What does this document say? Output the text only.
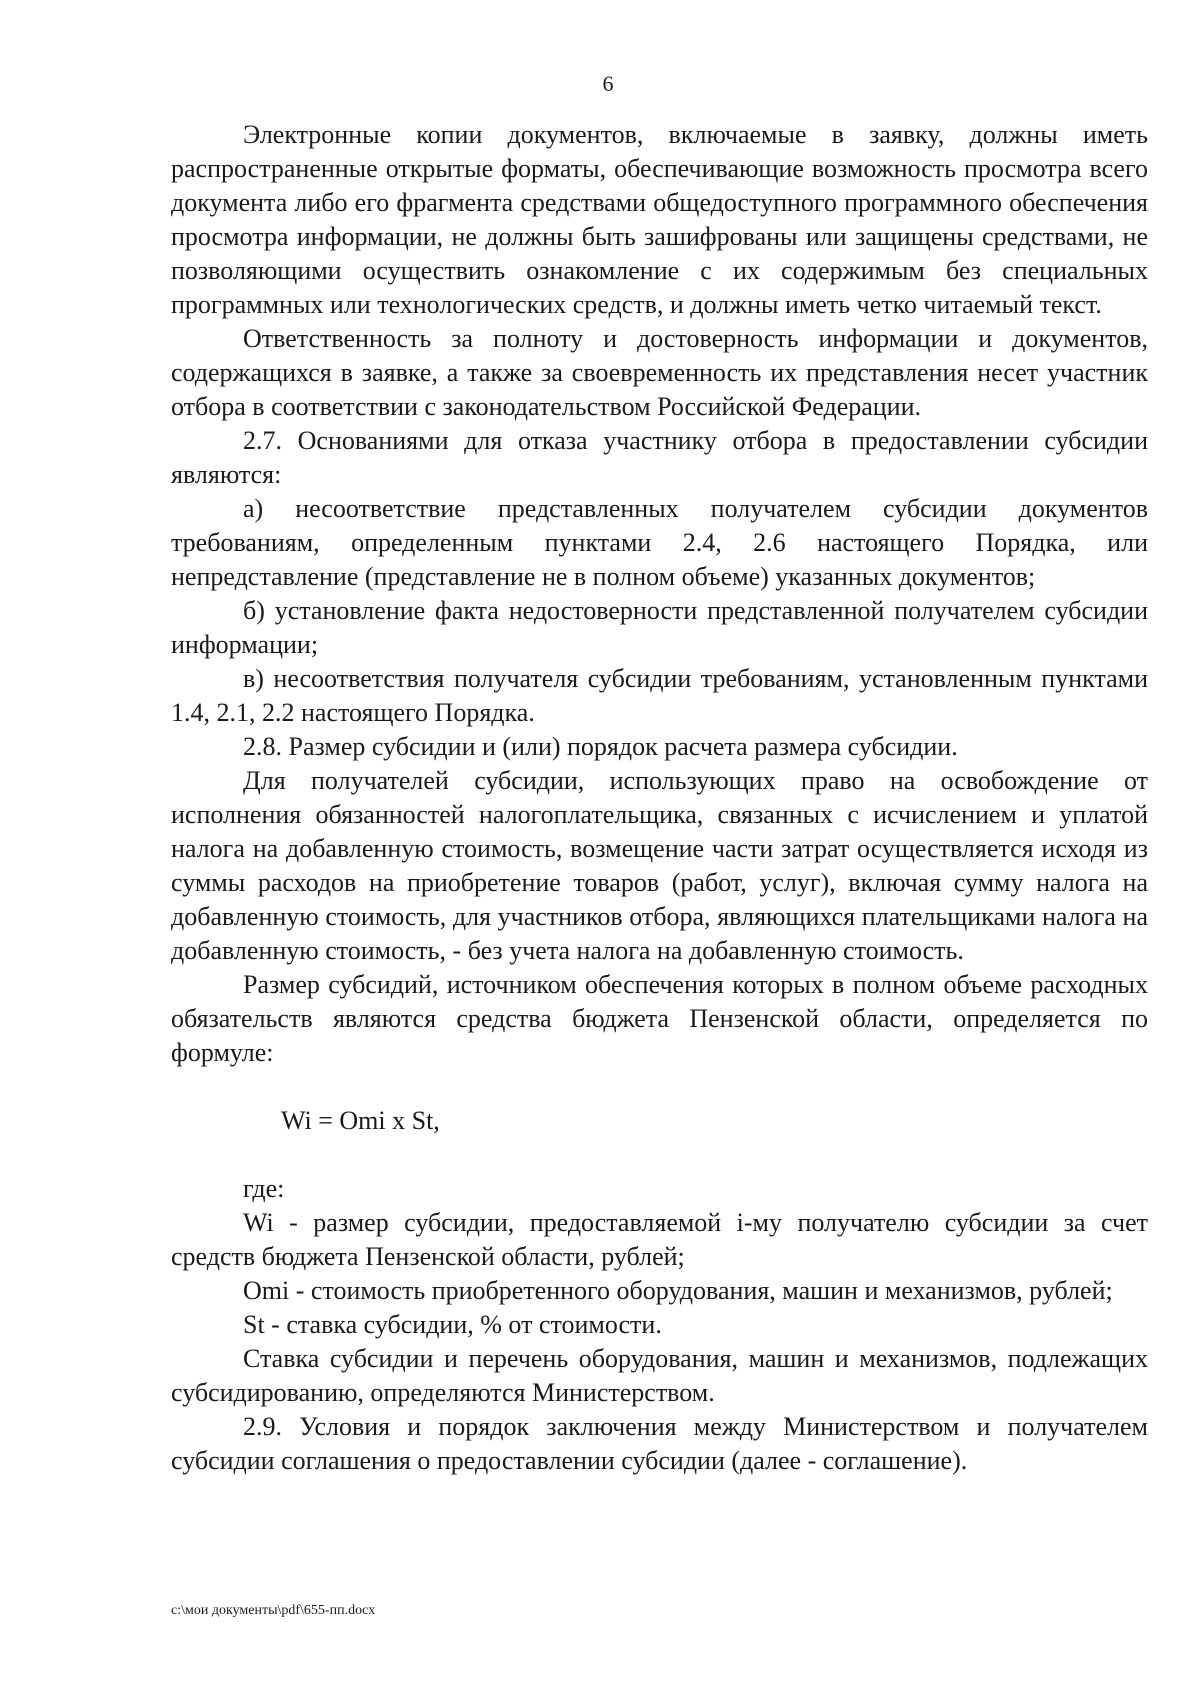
6

Электронные копии документов, включаемые в заявку, должны иметь распространенные открытые форматы, обеспечивающие возможность просмотра всего документа либо его фрагмента средствами общедоступного программного обеспечения просмотра информации, не должны быть зашифрованы или защищены средствами, не позволяющими осуществить ознакомление с их содержимым без специальных программных или технологических средств, и должны иметь четко читаемый текст.

Ответственность за полноту и достоверность информации и документов, содержащихся в заявке, а также за своевременность их представления несет участник отбора в соответствии с законодательством Российской Федерации.

2.7. Основаниями для отказа участнику отбора в предоставлении субсидии являются:

а) несоответствие представленных получателем субсидии документов требованиям, определенным пунктами 2.4, 2.6 настоящего Порядка, или непредставление (представление не в полном объеме) указанных документов;

б) установление факта недостоверности представленной получателем субсидии информации;

в) несоответствия получателя субсидии требованиям, установленным пунктами 1.4, 2.1, 2.2 настоящего Порядка.

2.8. Размер субсидии и (или) порядок расчета размера субсидии.

Для получателей субсидии, использующих право на освобождение от исполнения обязанностей налогоплательщика, связанных с исчислением и уплатой налога на добавленную стоимость, возмещение части затрат осуществляется исходя из суммы расходов на приобретение товаров (работ, услуг), включая сумму налога на добавленную стоимость, для участников отбора, являющихся плательщиками налога на добавленную стоимость, - без учета налога на добавленную стоимость.

Размер субсидий, источником обеспечения которых в полном объеме расходных обязательств являются средства бюджета Пензенской области, определяется по формуле:

Wi = Omi x St,

где:

Wi - размер субсидии, предоставляемой i-му получателю субсидии за счет средств бюджета Пензенской области, рублей;

Omi - стоимость приобретенного оборудования, машин и механизмов, рублей;

St - ставка субсидии, % от стоимости.

Ставка субсидии и перечень оборудования, машин и механизмов, подлежащих субсидированию, определяются Министерством.

2.9. Условия и порядок заключения между Министерством и получателем субсидии соглашения о предоставлении субсидии (далее - соглашение).

c:\мои документы\pdf\655-пп.docx
